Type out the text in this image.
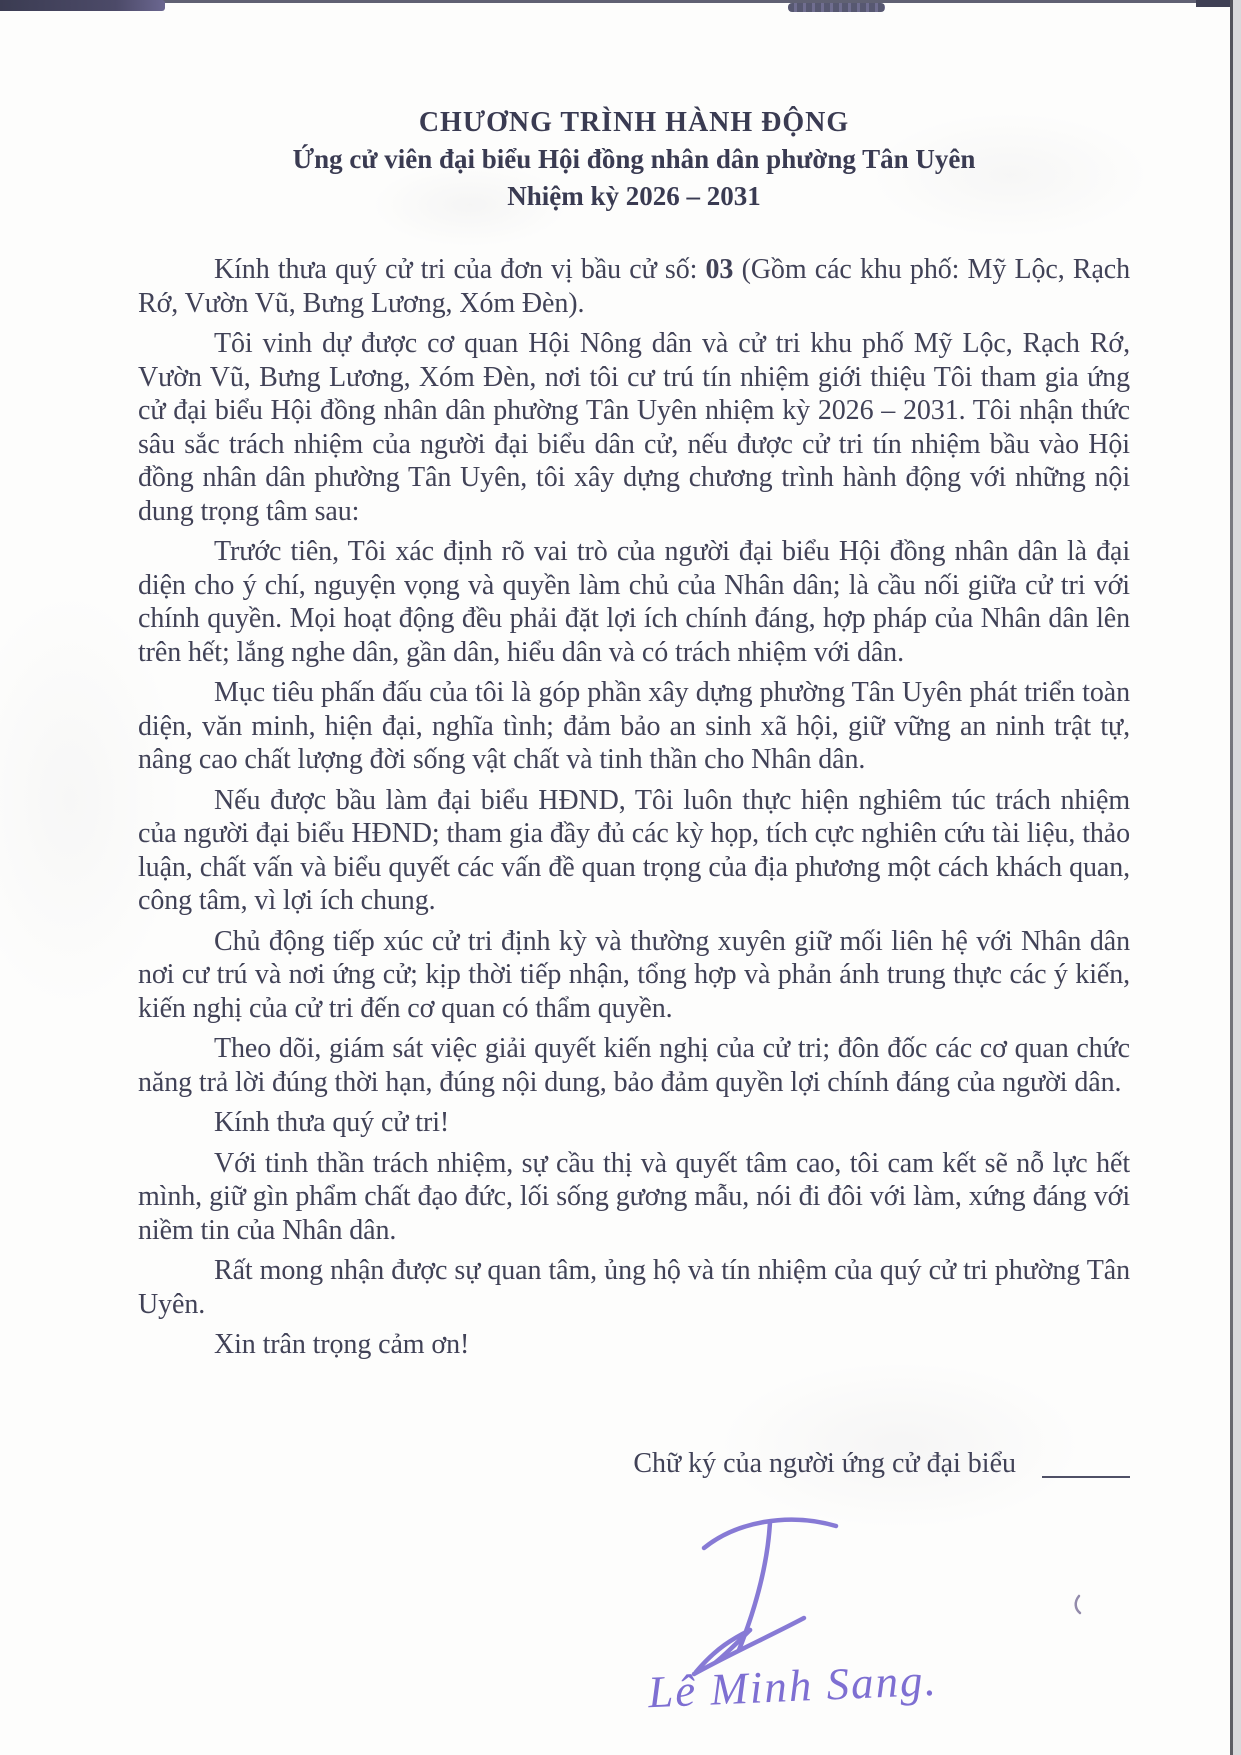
CHƯƠNG TRÌNH HÀNH ĐỘNG
Ứng cử viên đại biểu Hội đồng nhân dân phường Tân Uyên
Nhiệm kỳ 2026 – 2031

Kính thưa quý cử tri của đơn vị bầu cử số: 03 (Gồm các khu phố: Mỹ Lộc, Rạch Rớ, Vườn Vũ, Bưng Lương, Xóm Đèn).

Tôi vinh dự được cơ quan Hội Nông dân và cử tri khu phố Mỹ Lộc, Rạch Rớ, Vườn Vũ, Bưng Lương, Xóm Đèn, nơi tôi cư trú tín nhiệm giới thiệu Tôi tham gia ứng cử đại biểu Hội đồng nhân dân phường Tân Uyên nhiệm kỳ 2026 – 2031. Tôi nhận thức sâu sắc trách nhiệm của người đại biểu dân cử, nếu được cử tri tín nhiệm bầu vào Hội đồng nhân dân phường Tân Uyên, tôi xây dựng chương trình hành động với những nội dung trọng tâm sau:

Trước tiên, Tôi xác định rõ vai trò của người đại biểu Hội đồng nhân dân là đại diện cho ý chí, nguyện vọng và quyền làm chủ của Nhân dân; là cầu nối giữa cử tri với chính quyền. Mọi hoạt động đều phải đặt lợi ích chính đáng, hợp pháp của Nhân dân lên trên hết; lắng nghe dân, gần dân, hiểu dân và có trách nhiệm với dân.

Mục tiêu phấn đấu của tôi là góp phần xây dựng phường Tân Uyên phát triển toàn diện, văn minh, hiện đại, nghĩa tình; đảm bảo an sinh xã hội, giữ vững an ninh trật tự, nâng cao chất lượng đời sống vật chất và tinh thần cho Nhân dân.

Nếu được bầu làm đại biểu HĐND, Tôi luôn thực hiện nghiêm túc trách nhiệm của người đại biểu HĐND; tham gia đầy đủ các kỳ họp, tích cực nghiên cứu tài liệu, thảo luận, chất vấn và biểu quyết các vấn đề quan trọng của địa phương một cách khách quan, công tâm, vì lợi ích chung.

Chủ động tiếp xúc cử tri định kỳ và thường xuyên giữ mối liên hệ với Nhân dân nơi cư trú và nơi ứng cử; kịp thời tiếp nhận, tổng hợp và phản ánh trung thực các ý kiến, kiến nghị của cử tri đến cơ quan có thẩm quyền.

Theo dõi, giám sát việc giải quyết kiến nghị của cử tri; đôn đốc các cơ quan chức năng trả lời đúng thời hạn, đúng nội dung, bảo đảm quyền lợi chính đáng của người dân.

Kính thưa quý cử tri!

Với tinh thần trách nhiệm, sự cầu thị và quyết tâm cao, tôi cam kết sẽ nỗ lực hết mình, giữ gìn phẩm chất đạo đức, lối sống gương mẫu, nói đi đôi với làm, xứng đáng với niềm tin của Nhân dân.

Rất mong nhận được sự quan tâm, ủng hộ và tín nhiệm của quý cử tri phường Tân Uyên.

Xin trân trọng cảm ơn!

Chữ ký của người ứng cử đại biểu
Lê Minh Sang.
